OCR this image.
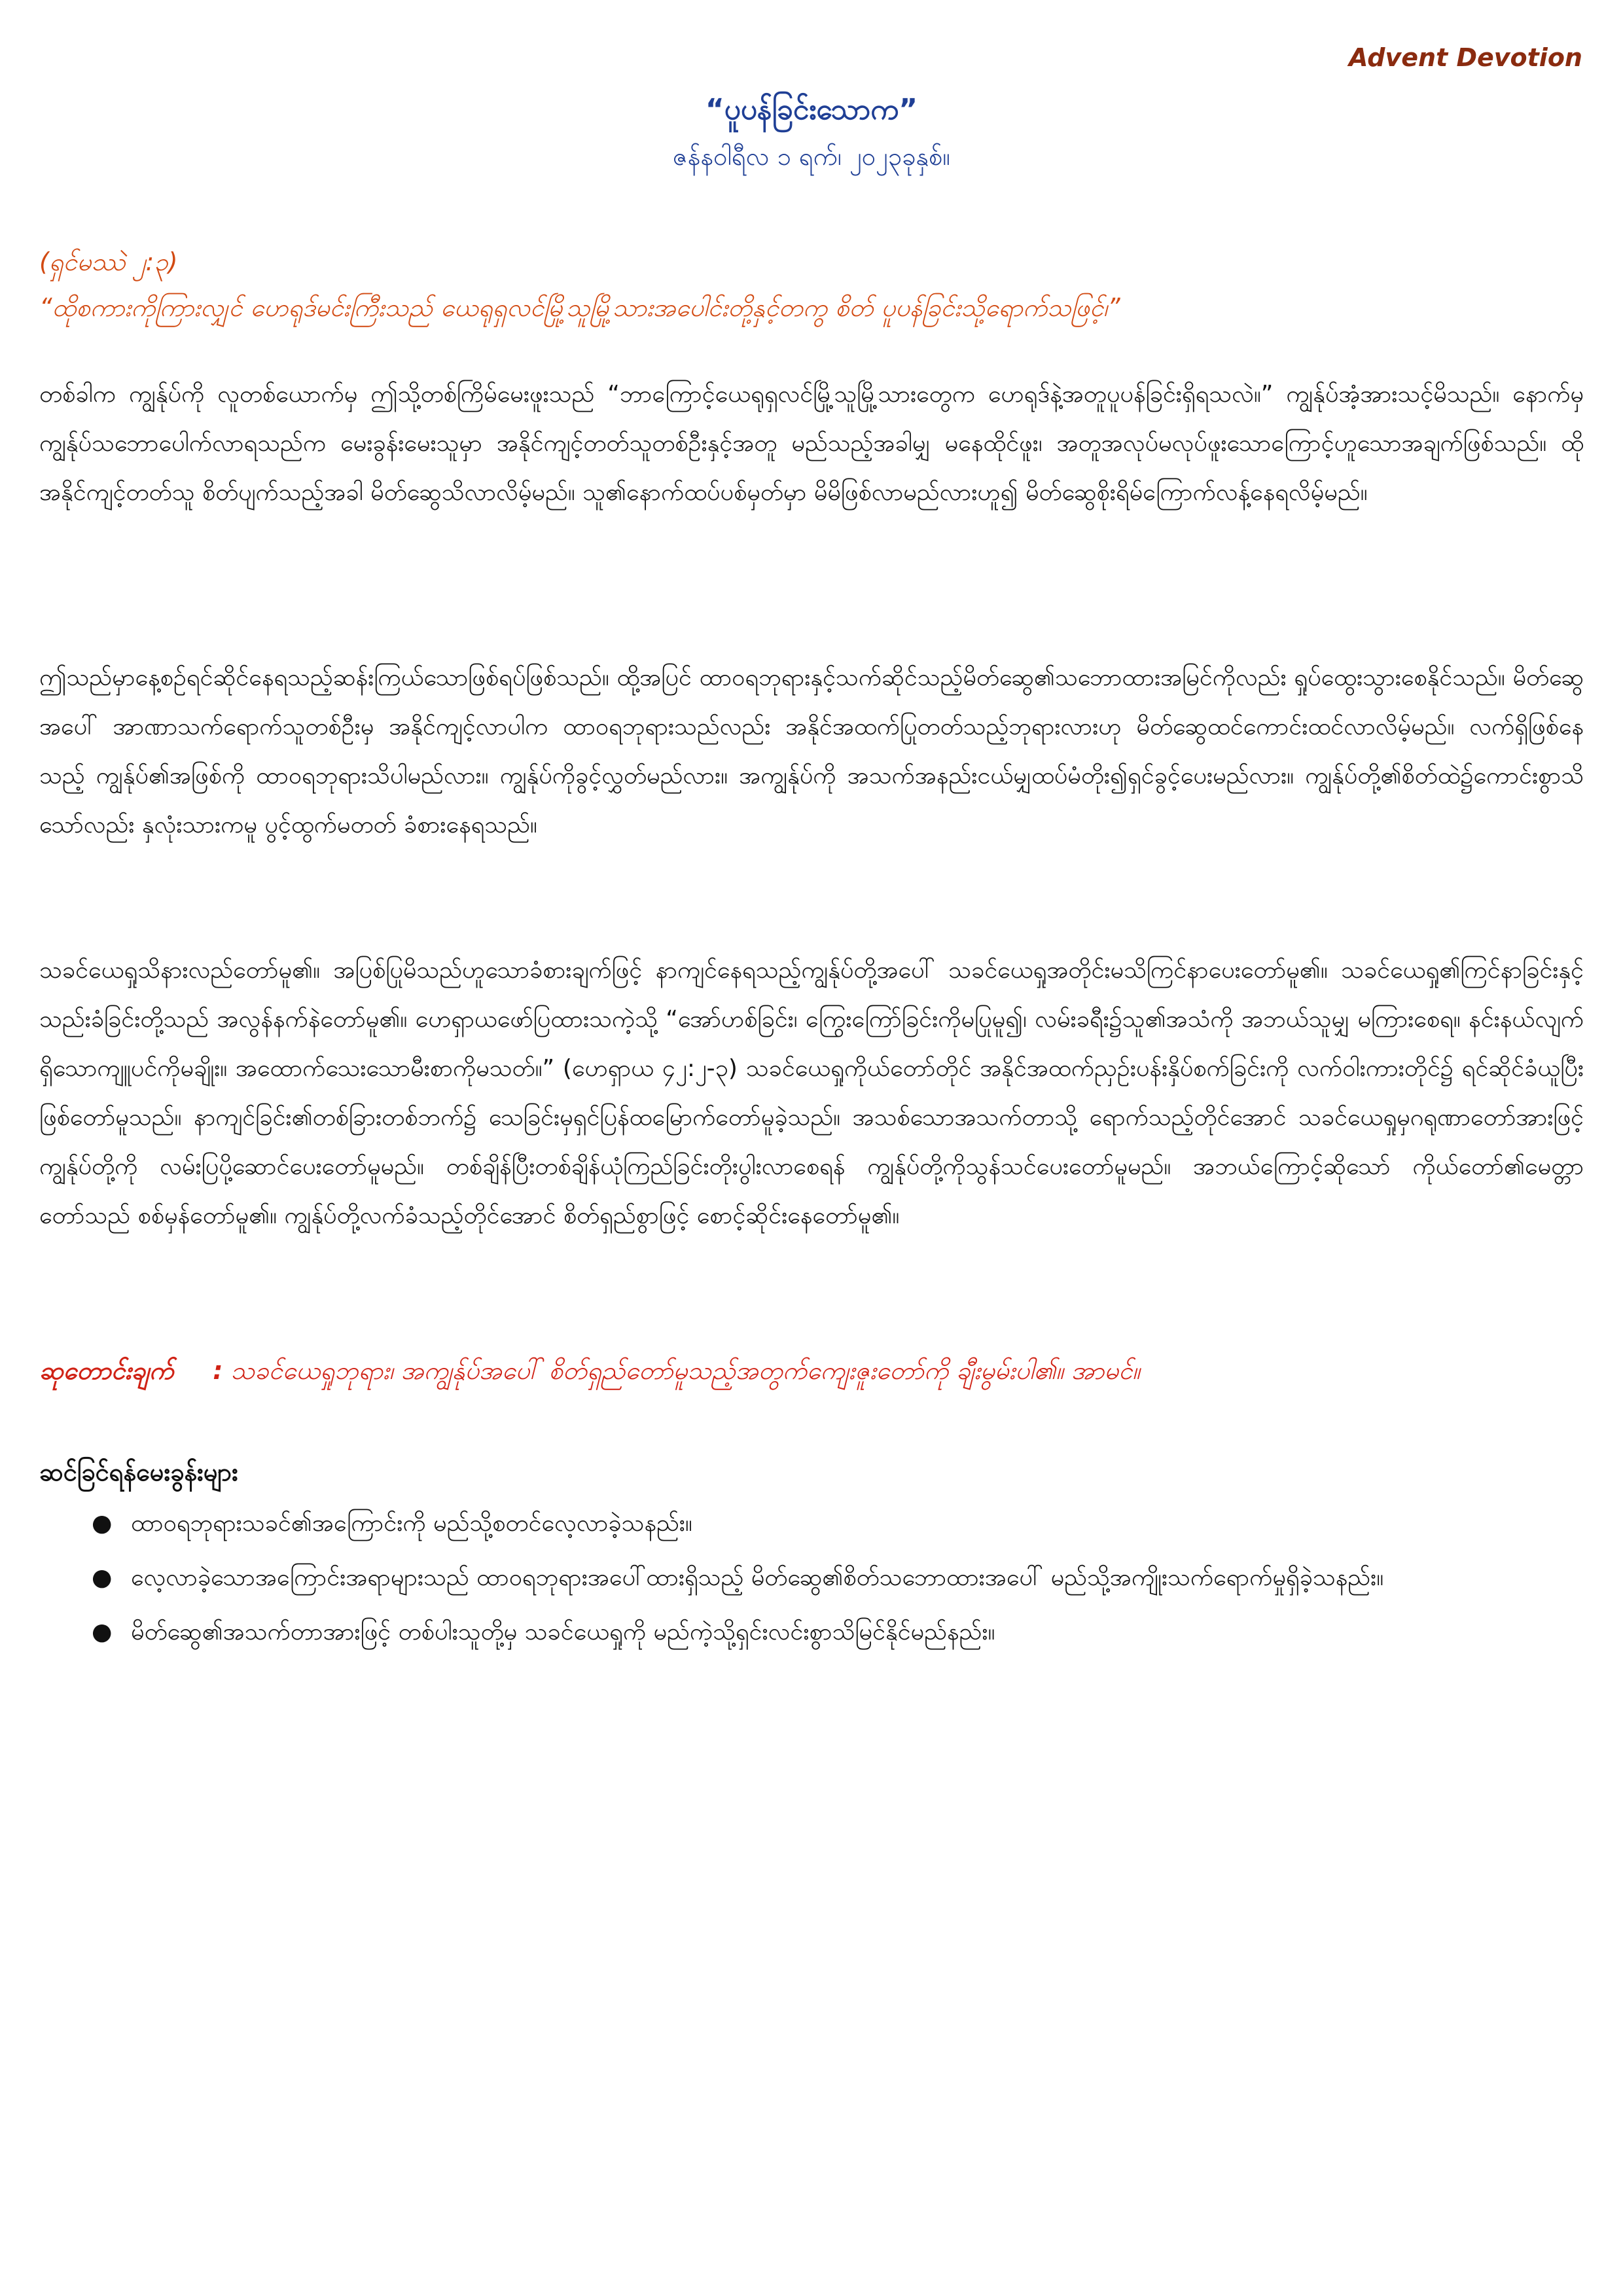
Advent Devotion
“ပူပန်ခြင်းသောက”
ဇန်နဝါရီလ ၁ ရက်၊ ၂၀၂၃ခုနှစ်။
(ရှင်မဿဲ ၂:၃)
“ထိုစကားကိုကြားလျှင် ဟေရုဒ်မင်းကြီးသည် ယေရုရှလင်မြို့သူမြို့သားအပေါင်းတို့နှင့်တကွ စိတ် ပူပန်ခြင်းသို့ရောက်သဖြင့်၊”
တစ်ခါက ကျွန်ုပ်ကို လူတစ်ယောက်မှ ဤသို့တစ်ကြိမ်မေးဖူးသည် “ဘာကြောင့်ယေရုရှလင်မြို့သူမြို့သားတွေက ဟေရုဒ်နဲ့အတူပူပန်ခြင်းရှိရသလဲ။” ကျွန်ုပ်အံ့အားသင့်မိသည်။ နောက်မှကျွန်ုပ်သဘောပေါက်လာရသည်က မေးခွန်းမေးသူမှာ အနိုင်ကျင့်တတ်သူတစ်ဦးနှင့်အတူ မည်သည့်အခါမျှ မနေထိုင်ဖူး၊ အတူအလုပ်မလုပ်ဖူးသောကြောင့်ဟူသောအချက်ဖြစ်သည်။ ထိုအနိုင်ကျင့်တတ်သူ စိတ်ပျက်သည့်အခါ မိတ်ဆွေသိလာလိမ့်မည်။ သူ၏နောက်ထပ်ပစ်မှတ်မှာ မိမိဖြစ်လာမည်လားဟူ၍ မိတ်ဆွေစိုးရိမ်ကြောက်လန့်နေရလိမ့်မည်။
ဤသည်မှာနေ့စဉ်ရင်ဆိုင်နေရသည့်ဆန်းကြယ်သောဖြစ်ရပ်ဖြစ်သည်။ ထို့အပြင် ထာဝရဘုရားနှင့်သက်ဆိုင်သည့်မိတ်ဆွေ၏သဘောထားအမြင်ကိုလည်း ရှုပ်ထွေးသွားစေနိုင်သည်။ မိတ်ဆွေအပေါ် အာဏာသက်ရောက်သူတစ်ဦးမှ အနိုင်ကျင့်လာပါက ထာဝရဘုရားသည်လည်း အနိုင်အထက်ပြုတတ်သည့်ဘုရားလားဟု မိတ်ဆွေထင်ကောင်းထင်လာလိမ့်မည်။ လက်ရှိဖြစ်နေသည့် ကျွန်ုပ်၏အဖြစ်ကို ထာဝရဘုရားသိပါမည်လား။ ကျွန်ုပ်ကိုခွင့်လွှတ်မည်လား။ အကျွန်ုပ်ကို အသက်အနည်းငယ်မျှထပ်မံတိုး၍ရှင်ခွင့်ပေးမည်လား။ ကျွန်ုပ်တို့၏စိတ်ထဲ၌ကောင်းစွာသိသော်လည်း နှလုံးသားကမူ ပွင့်ထွက်မတတ် ခံစားနေရသည်။
သခင်ယေရှုသိနားလည်တော်မူ၏။ အပြစ်ပြုမိသည်ဟူသောခံစားချက်ဖြင့် နာကျင်နေရသည့်ကျွန်ုပ်တို့အပေါ် သခင်ယေရှုအတိုင်းမသိကြင်နာပေးတော်မူ၏။ သခင်ယေရှု၏ကြင်နာခြင်းနှင့်သည်းခံခြင်းတို့သည် အလွန်နက်နဲတော်မူ၏။ ဟေရှာယဖော်ပြထားသကဲ့သို့ “အော်ဟစ်ခြင်း၊ ကြွေးကြော်ခြင်းကိုမပြုမူ၍၊ လမ်းခရီး၌သူ၏အသံကို အဘယ်သူမျှ မကြားစေရ။ နင်းနယ်လျက်ရှိသောကျူပင်ကိုမချိုး။ အထောက်သေးသောမီးစာကိုမသတ်။” (ဟေရှာယ ၄၂:၂-၃) သခင်ယေရှုကိုယ်တော်တိုင် အနိုင်အထက်ညှဉ်းပန်းနှိပ်စက်ခြင်းကို လက်ဝါးကားတိုင်၌ ရင်ဆိုင်ခံယူပြီးဖြစ်တော်မူသည်။ နာကျင်ခြင်း၏တစ်ခြားတစ်ဘက်၌ သေခြင်းမှရှင်ပြန်ထမြောက်တော်မူခဲ့သည်။ အသစ်သောအသက်တာသို့ ရောက်သည့်တိုင်အောင် သခင်ယေရှုမှဂရုဏာတော်အားဖြင့် ကျွန်ုပ်တို့ကို လမ်းပြပို့ဆောင်ပေးတော်မူမည်။ တစ်ချိန်ပြီးတစ်ချိန်ယုံကြည်ခြင်းတိုးပွါးလာစေရန် ကျွန်ုပ်တို့ကိုသွန်သင်ပေးတော်မူမည်။ အဘယ်ကြောင့်ဆိုသော် ကိုယ်တော်၏မေတ္တာတော်သည် စစ်မှန်တော်မူ၏။ ကျွန်ုပ်တို့လက်ခံသည့်တိုင်အောင် စိတ်ရှည်စွာဖြင့် စောင့်ဆိုင်းနေတော်မူ၏။
ဆုတောင်းချက် : သခင်ယေရှုဘုရား၊ အကျွန်ုပ်အပေါ် စိတ်ရှည်တော်မူသည့်အတွက်ကျေးဇူးတော်ကို ချီးမွမ်းပါ၏။ အာမင်။
ဆင်ခြင်ရန်မေးခွန်းများ
● ထာဝရဘုရားသခင်၏အကြောင်းကို မည်သို့စတင်လေ့လာခဲ့သနည်း။
● လေ့လာခဲ့သောအကြောင်းအရာများသည် ထာဝရဘုရားအပေါ်ထားရှိသည့် မိတ်ဆွေ၏စိတ်သဘောထားအပေါ် မည်သို့အကျိုးသက်ရောက်မှုရှိခဲ့သနည်း။
● မိတ်ဆွေ၏အသက်တာအားဖြင့် တစ်ပါးသူတို့မှ သခင်ယေရှုကို မည်ကဲ့သို့ရှင်းလင်းစွာသိမြင်နိုင်မည်နည်း။
